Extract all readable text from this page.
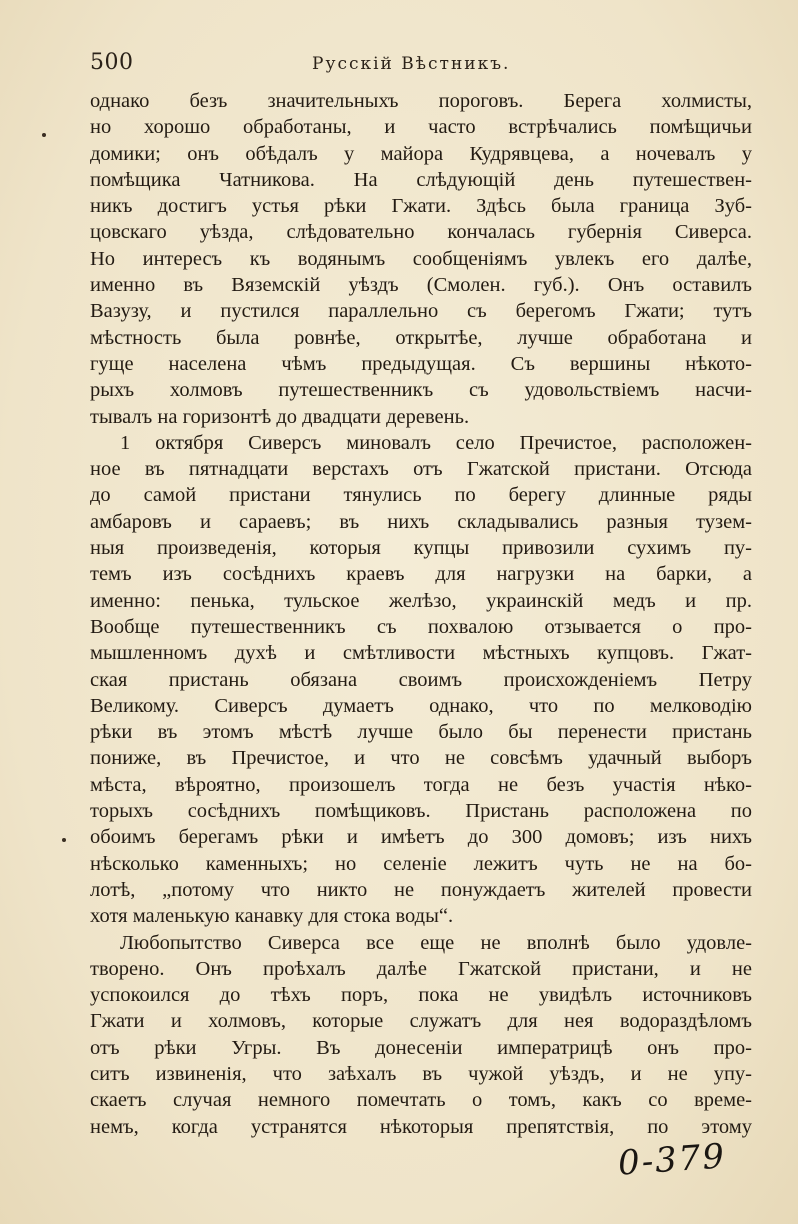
500	Русскій Вѣстникъ.
однако безъ значительныхъ пороговъ. Берега холмисты,
но хорошо обработаны, и часто встрѣчались помѣщичьи
домики; онъ обѣдалъ у майора Кудрявцева, а ночевалъ у
помѣщика Чатникова. На слѣдующій день путешествен-
никъ достигъ устья рѣки Гжати. Здѣсь была граница Зуб-
цовскаго уѣзда, слѣдовательно кончалась губернія Сиверса.
Но интересъ къ водянымъ сообщеніямъ увлекъ его далѣе,
именно въ Вяземскій уѣздъ (Смолен. губ.). Онъ оставилъ
Вазузу, и пустился параллельно съ берегомъ Гжати; тутъ
мѣстность была ровнѣе, открытѣе, лучше обработана и
гуще населена чѣмъ предыдущая. Съ вершины нѣкото-
рыхъ холмовъ путешественникъ съ удовольствіемъ насчи-
тывалъ на горизонтѣ до двадцати деревень.
1 октября Сиверсъ миновалъ село Пречистое, расположен-
ное въ пятнадцати верстахъ отъ Гжатской пристани. Отсюда
до самой пристани тянулись по берегу длинные ряды
амбаровъ и сараевъ; въ нихъ складывались разныя тузем-
ныя произведенія, которыя купцы привозили сухимъ пу-
темъ изъ сосѣднихъ краевъ для нагрузки на барки, а
именно: пенька, тульское желѣзо, украинскій медъ и пр.
Вообще путешественникъ съ похвалою отзывается о про-
мышленномъ духѣ и смѣтливости мѣстныхъ купцовъ. Гжат-
ская пристань обязана своимъ происхожденіемъ Петру
Великому. Сиверсъ думаетъ однако, что по мелководію
рѣки въ этомъ мѣстѣ лучше было бы перенести пристань
пониже, въ Пречистое, и что не совсѣмъ удачный выборъ
мѣста, вѣроятно, произошелъ тогда не безъ участія нѣко-
торыхъ сосѣднихъ помѣщиковъ. Пристань расположена по
обоимъ берегамъ рѣки и имѣетъ до 300 домовъ; изъ нихъ
нѣсколько каменныхъ; но селеніе лежитъ чуть не на бо-
лотѣ, „потому что никто не понуждаетъ жителей провести
хотя маленькую канавку для стока воды“.
Любопытство Сиверса все еще не вполнѣ было удовле-
творено. Онъ проѣхалъ далѣе Гжатской пристани, и не
успокоился до тѣхъ поръ, пока не увидѣлъ источниковъ
Гжати и холмовъ, которые служатъ для нея водораздѣломъ
отъ рѣки Угры. Въ донесеніи императрицѣ онъ про-
ситъ извиненія, что заѣхалъ въ чужой уѣздъ, и не упу-
скаетъ случая немного помечтать о томъ, какъ со време-
немъ, когда устранятся нѣкоторыя препятствія, по этому
0-379
